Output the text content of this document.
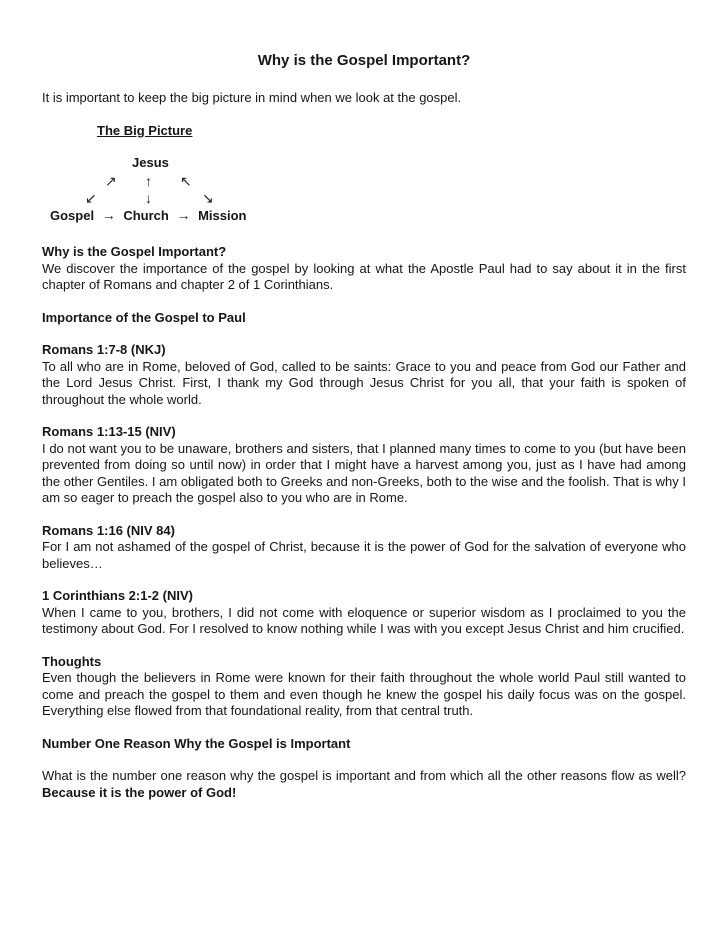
Why is the Gospel Important?

It is important to keep the big picture in mind when we look at the gospel.

The Big Picture
Jesus
↗ ↑ ↖
↙	↓	↘
Gospel → Church → Mission
Why is the Gospel Important?

We discover the importance of the gospel by looking at what the Apostle Paul had to say about it in the first chapter of Romans and chapter 2 of 1 Corinthians.

Importance of the Gospel to Paul
Romans 1:7-8 (NKJ)

To all who are in Rome, beloved of God, called to be saints: Grace to you and peace from God our Father and the Lord Jesus Christ. First, I thank my God through Jesus Christ for you all, that your faith is spoken of throughout the whole world.

Romans 1:13-15 (NIV)

I do not want you to be unaware, brothers and sisters, that I planned many times to come to you (but have been prevented from doing so until now) in order that I might have a harvest among you, just as I have had among the other Gentiles. I am obligated both to Greeks and non-Greeks, both to the wise and the foolish. That is why I am so eager to preach the gospel also to you who are in Rome.

Romans 1:16 (NIV 84)

For I am not ashamed of the gospel of Christ, because it is the power of God for the salvation of everyone who believes…

1 Corinthians 2:1-2 (NIV)

When I came to you, brothers, I did not come with eloquence or superior wisdom as I proclaimed to you the testimony about God. For I resolved to know nothing while I was with you except Jesus Christ and him crucified.

Thoughts

Even though the believers in Rome were known for their faith throughout the whole world Paul still wanted to come and preach the gospel to them and even though he knew the gospel his daily focus was on the gospel. Everything else flowed from that foundational reality, from that central truth.

Number One Reason Why the Gospel is Important

What is the number one reason why the gospel is important and from which all the other reasons flow as well? Because it is the power of God!
